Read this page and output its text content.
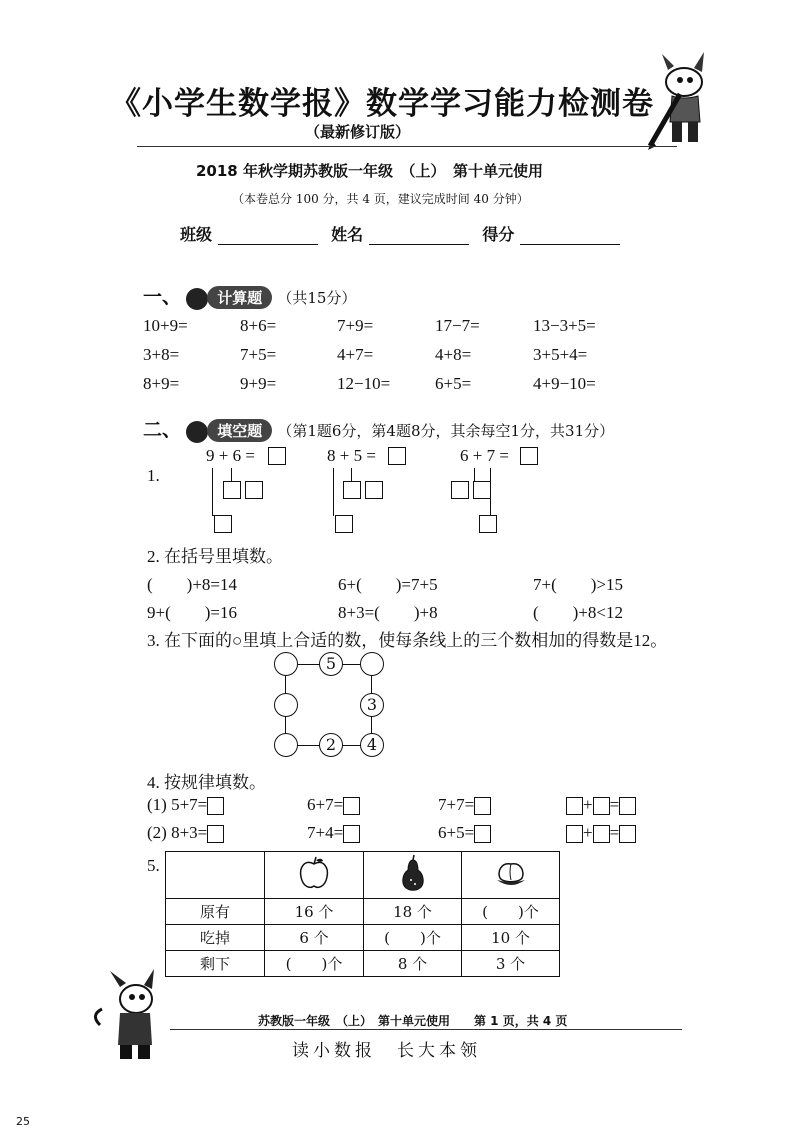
《小学生数学报》数学学习能力检测卷
（最新修订版）
2018 年秋学期苏教版一年级　（上）　第十单元使用
（本卷总分 100 分，共 4 页，建议完成时间 40 分钟）
班级	姓名	得分
一、 计算题 （共15分）
10+9=	8+6=	7+9=	17−7=	13−3+5=
3+8=	7+5=	4+7=	4+8=	3+5+4=
8+9=	9+9=	12−10=	6+5=	4+9−10=
二、 填空题 （第1题6分，第4题8分，其余每空1分，共31分）
1.
9 + 6 =	8 + 5 =	6 + 7 =
2. 在括号里填数。
(　　)+8=14	6+(　　)=7+5	7+(　　)>15
9+(　　)=16	8+3=(　　)+8	(　　)+8<12
3. 在下面的○里填上合适的数，使每条线上的三个数相加的得数是12。
5
3
2	4
4. 按规律填数。
(1) 5+7=	6+7=	7+7=	+ =
(2) 8+3=	7+4=	6+5=	+ =
5.

原有	16 个	18 个	(　　)个
吃掉	6 个	(　　)个	10 个
剩下	(　　)个	8 个	3 个
苏教版一年级　（上）　第十单元使用　　第 1 页，共 4 页
读小数报　长大本领
25
